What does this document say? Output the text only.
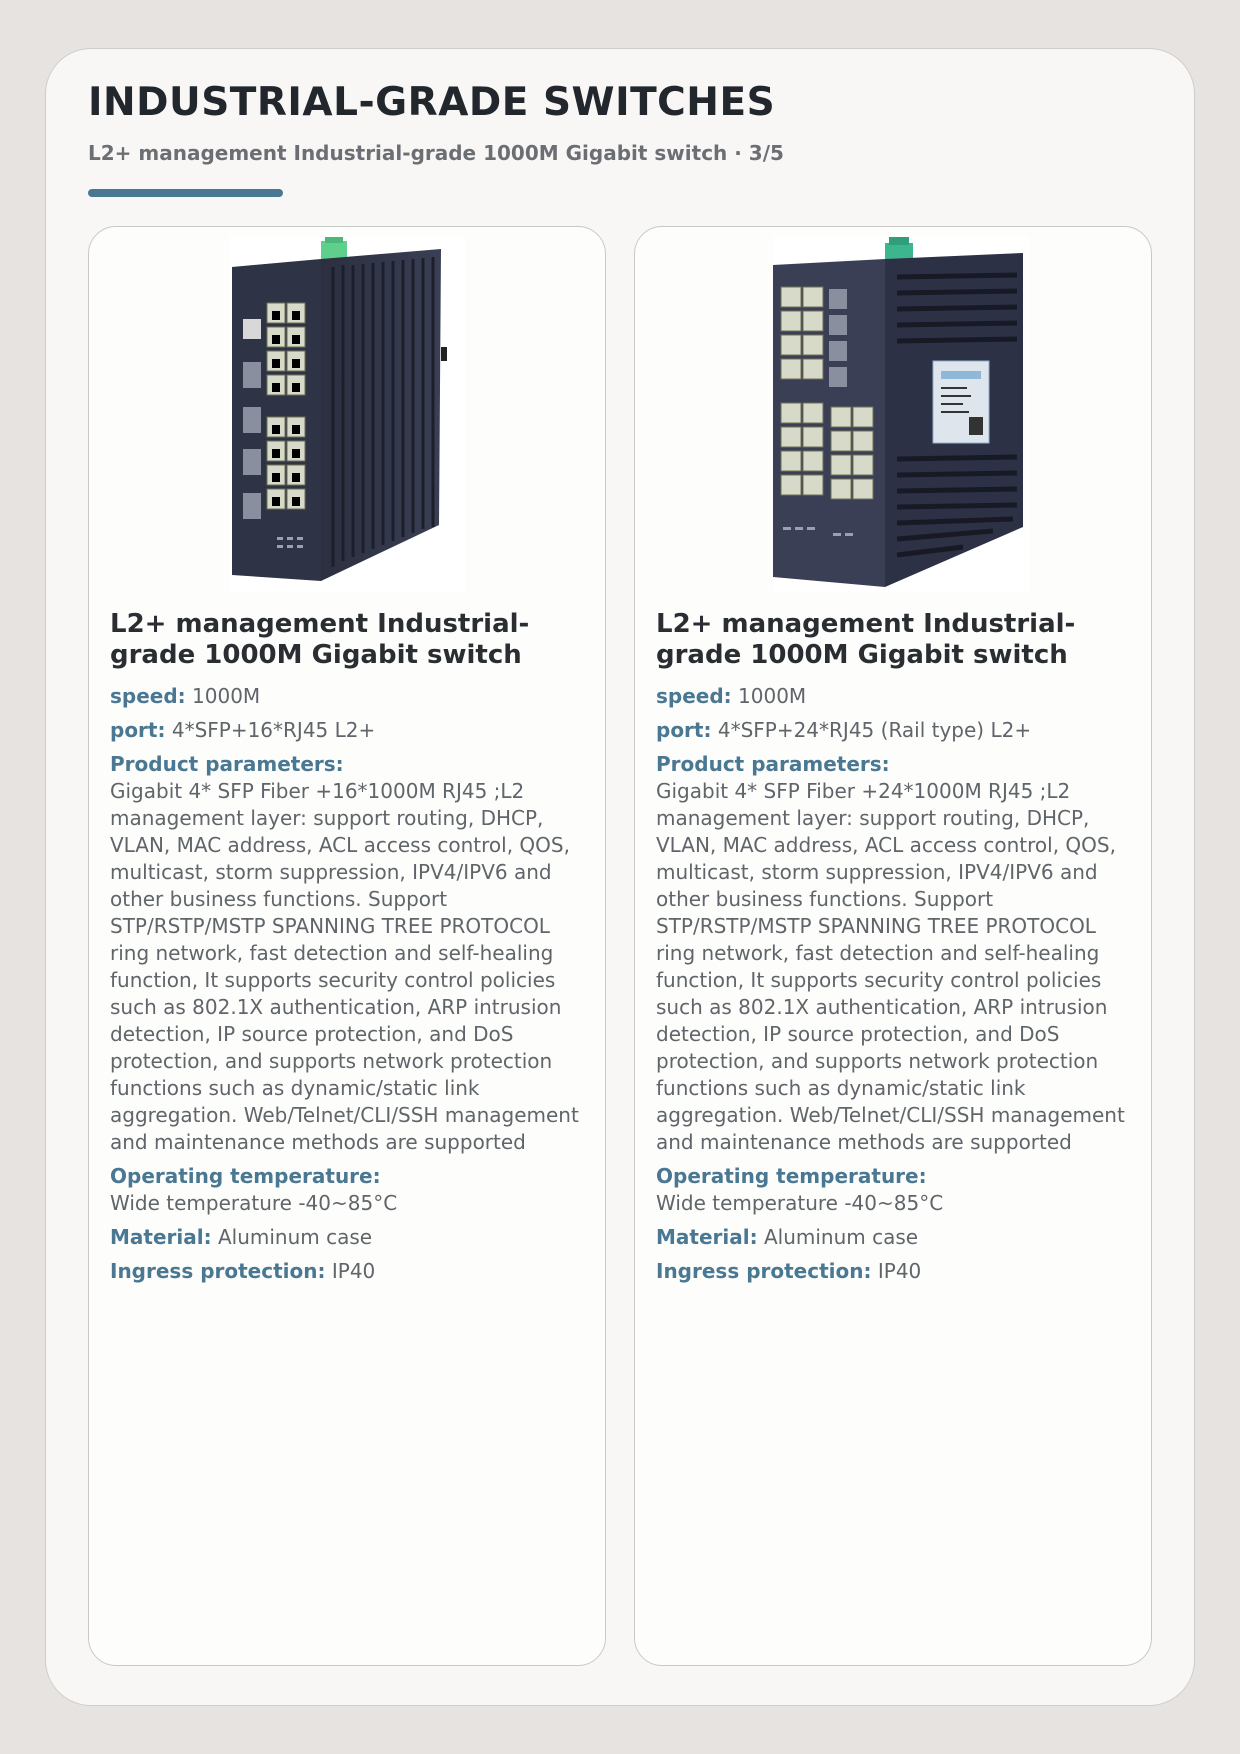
INDUSTRIAL-GRADE SWITCHES
L2+ management Industrial-grade 1000M Gigabit switch · 3/5
L2+ management Industrial-grade 1000M Gigabit switch
speed: 1000M
port: 4*SFP+16*RJ45 L2+
Product parameters:
Gigabit 4* SFP Fiber +16*1000M RJ45 ;L2 management layer: support routing, DHCP, VLAN, MAC address, ACL access control, QOS, multicast, storm suppression, IPV4/IPV6 and other business functions. Support STP/RSTP/MSTP SPANNING TREE PROTOCOL ring network, fast detection and self-healing function, It supports security control policies such as 802.1X authentication, ARP intrusion detection, IP source protection, and DoS protection, and supports network protection functions such as dynamic/static link aggregation. Web/Telnet/CLI/SSH management and maintenance methods are supported
Operating temperature:
Wide temperature -40~85°C
Material: Aluminum case
Ingress protection: IP40
L2+ management Industrial-grade 1000M Gigabit switch
speed: 1000M
port: 4*SFP+24*RJ45 (Rail type) L2+
Product parameters:
Gigabit 4* SFP Fiber +24*1000M RJ45 ;L2 management layer: support routing, DHCP, VLAN, MAC address, ACL access control, QOS, multicast, storm suppression, IPV4/IPV6 and other business functions. Support STP/RSTP/MSTP SPANNING TREE PROTOCOL ring network, fast detection and self-healing function, It supports security control policies such as 802.1X authentication, ARP intrusion detection, IP source protection, and DoS protection, and supports network protection functions such as dynamic/static link aggregation. Web/Telnet/CLI/SSH management and maintenance methods are supported
Operating temperature:
Wide temperature -40~85°C
Material: Aluminum case
Ingress protection: IP40
